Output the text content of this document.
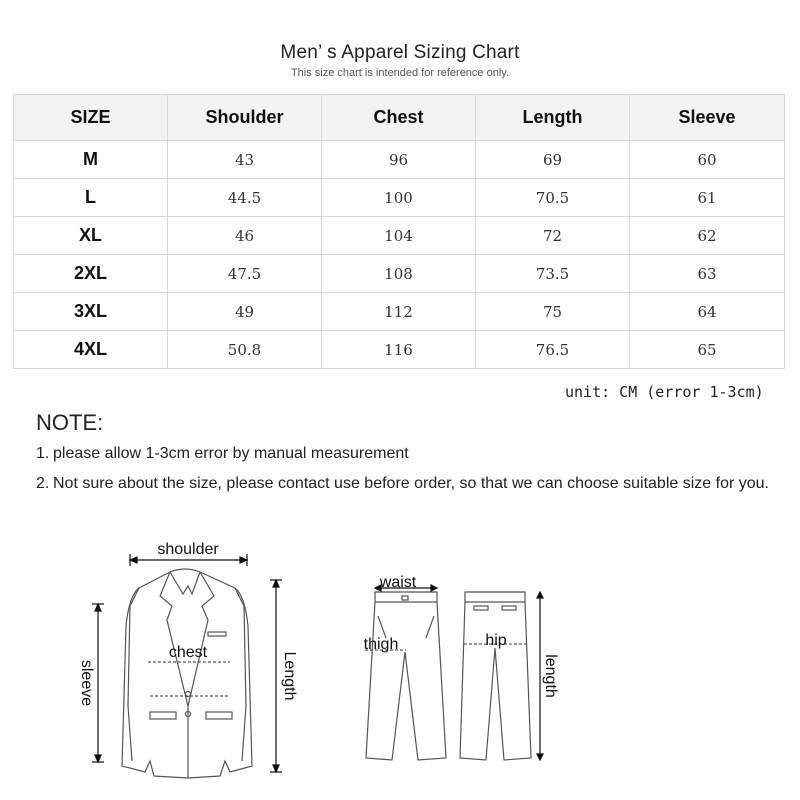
Men’ s Apparel Sizing Chart
This size chart is intended for reference only.
SIZE	Shoulder	Chest	Length	Sleeve
M	43	96	69	60
L	44.5	100	70.5	61
XL	46	104	72	62
2XL	47.5	108	73.5	63
3XL	49	112	75	64
4XL	50.8	116	76.5	65
unit: CM (error 1-3cm)
NOTE:
1. please allow 1-3cm error by manual measurement
2. Not sure about the size, please contact use before order, so that we can choose suitable size for you.
shoulder
chest
sleeve	Length
waist
thigh	hip
length
